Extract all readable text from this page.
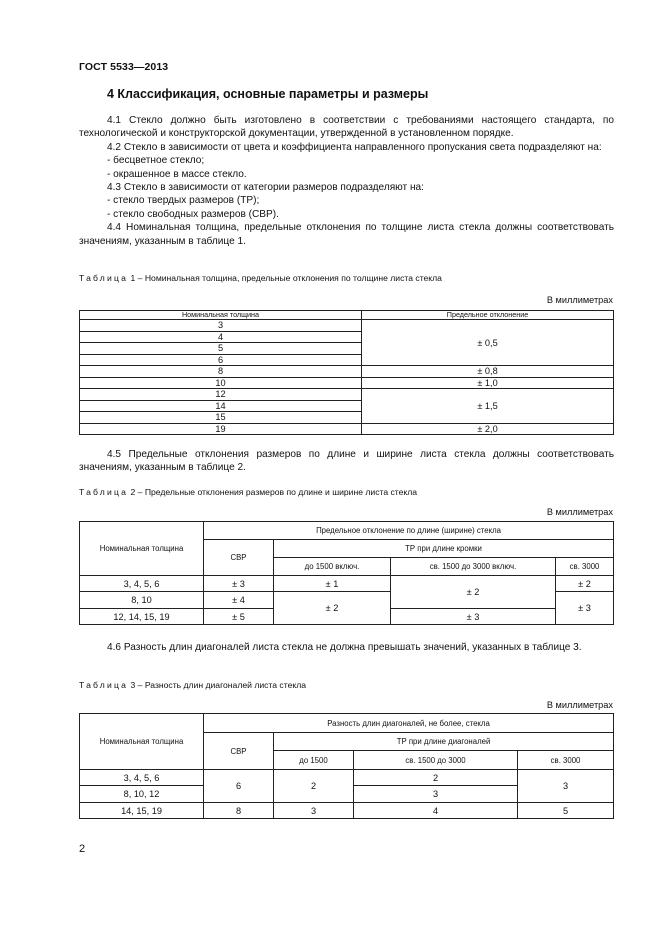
ГОСТ 5533—2013
4 Классификация, основные параметры и размеры

4.1 Стекло должно быть изготовлено в соответствии с требованиями настоящего стандарта, по технологической и конструкторской документации, утвержденной в установленном порядке.

4.2 Стекло в зависимости от цвета и коэффициента направленного пропускания света подразделяют на:

- бесцветное стекло;

- окрашенное в массе стекло.

4.3 Стекло в зависимости от категории размеров подразделяют на:

- стекло твердых размеров (ТР);

- стекло свободных размеров (СВР).

4.4 Номинальная толщина, предельные отклонения по толщине листа стекла должны соответствовать значениям, указанным в таблице 1.

Таблица 1 – Номинальная толщина, предельные отклонения по толщине листа стекла
В миллиметрах
Номинальная толщина	Предельное отклонение
3	± 0,5
4	
5	
6	
8	± 0,8
10	± 1,0
12	± 1,5
14	
15	
19	± 2,0

4.5 Предельные отклонения размеров по длине и ширине листа стекла должны соответствовать значениям, указанным в таблице 2.

Таблица 2 – Предельные отклонения размеров по длине и ширине листа стекла
В миллиметрах
Номинальная толщина	Предельное отклонение по длине (ширине) стекла			
	СВР	ТР при длине кромки		
		до 1500 включ.	св. 1500 до 3000 включ.	св. 3000
3, 4, 5, 6	± 3	± 1	± 2	± 2
8, 10	± 4	± 2		± 3
12, 14, 15, 19	± 5		± 3	

4.6 Разность длин диагоналей листа стекла не должна превышать значений, указанных в таблице 3.

Таблица 3 – Разность длин диагоналей листа стекла
В миллиметрах
Номинальная толщина	Разность длин диагоналей, не более, стекла			
	СВР	ТР при длине диагоналей		
		до 1500	св. 1500 до 3000	св. 3000
3, 4, 5, 6	6	2	2	3
8, 10, 12			3	
14, 15, 19	8	3	4	5
2
